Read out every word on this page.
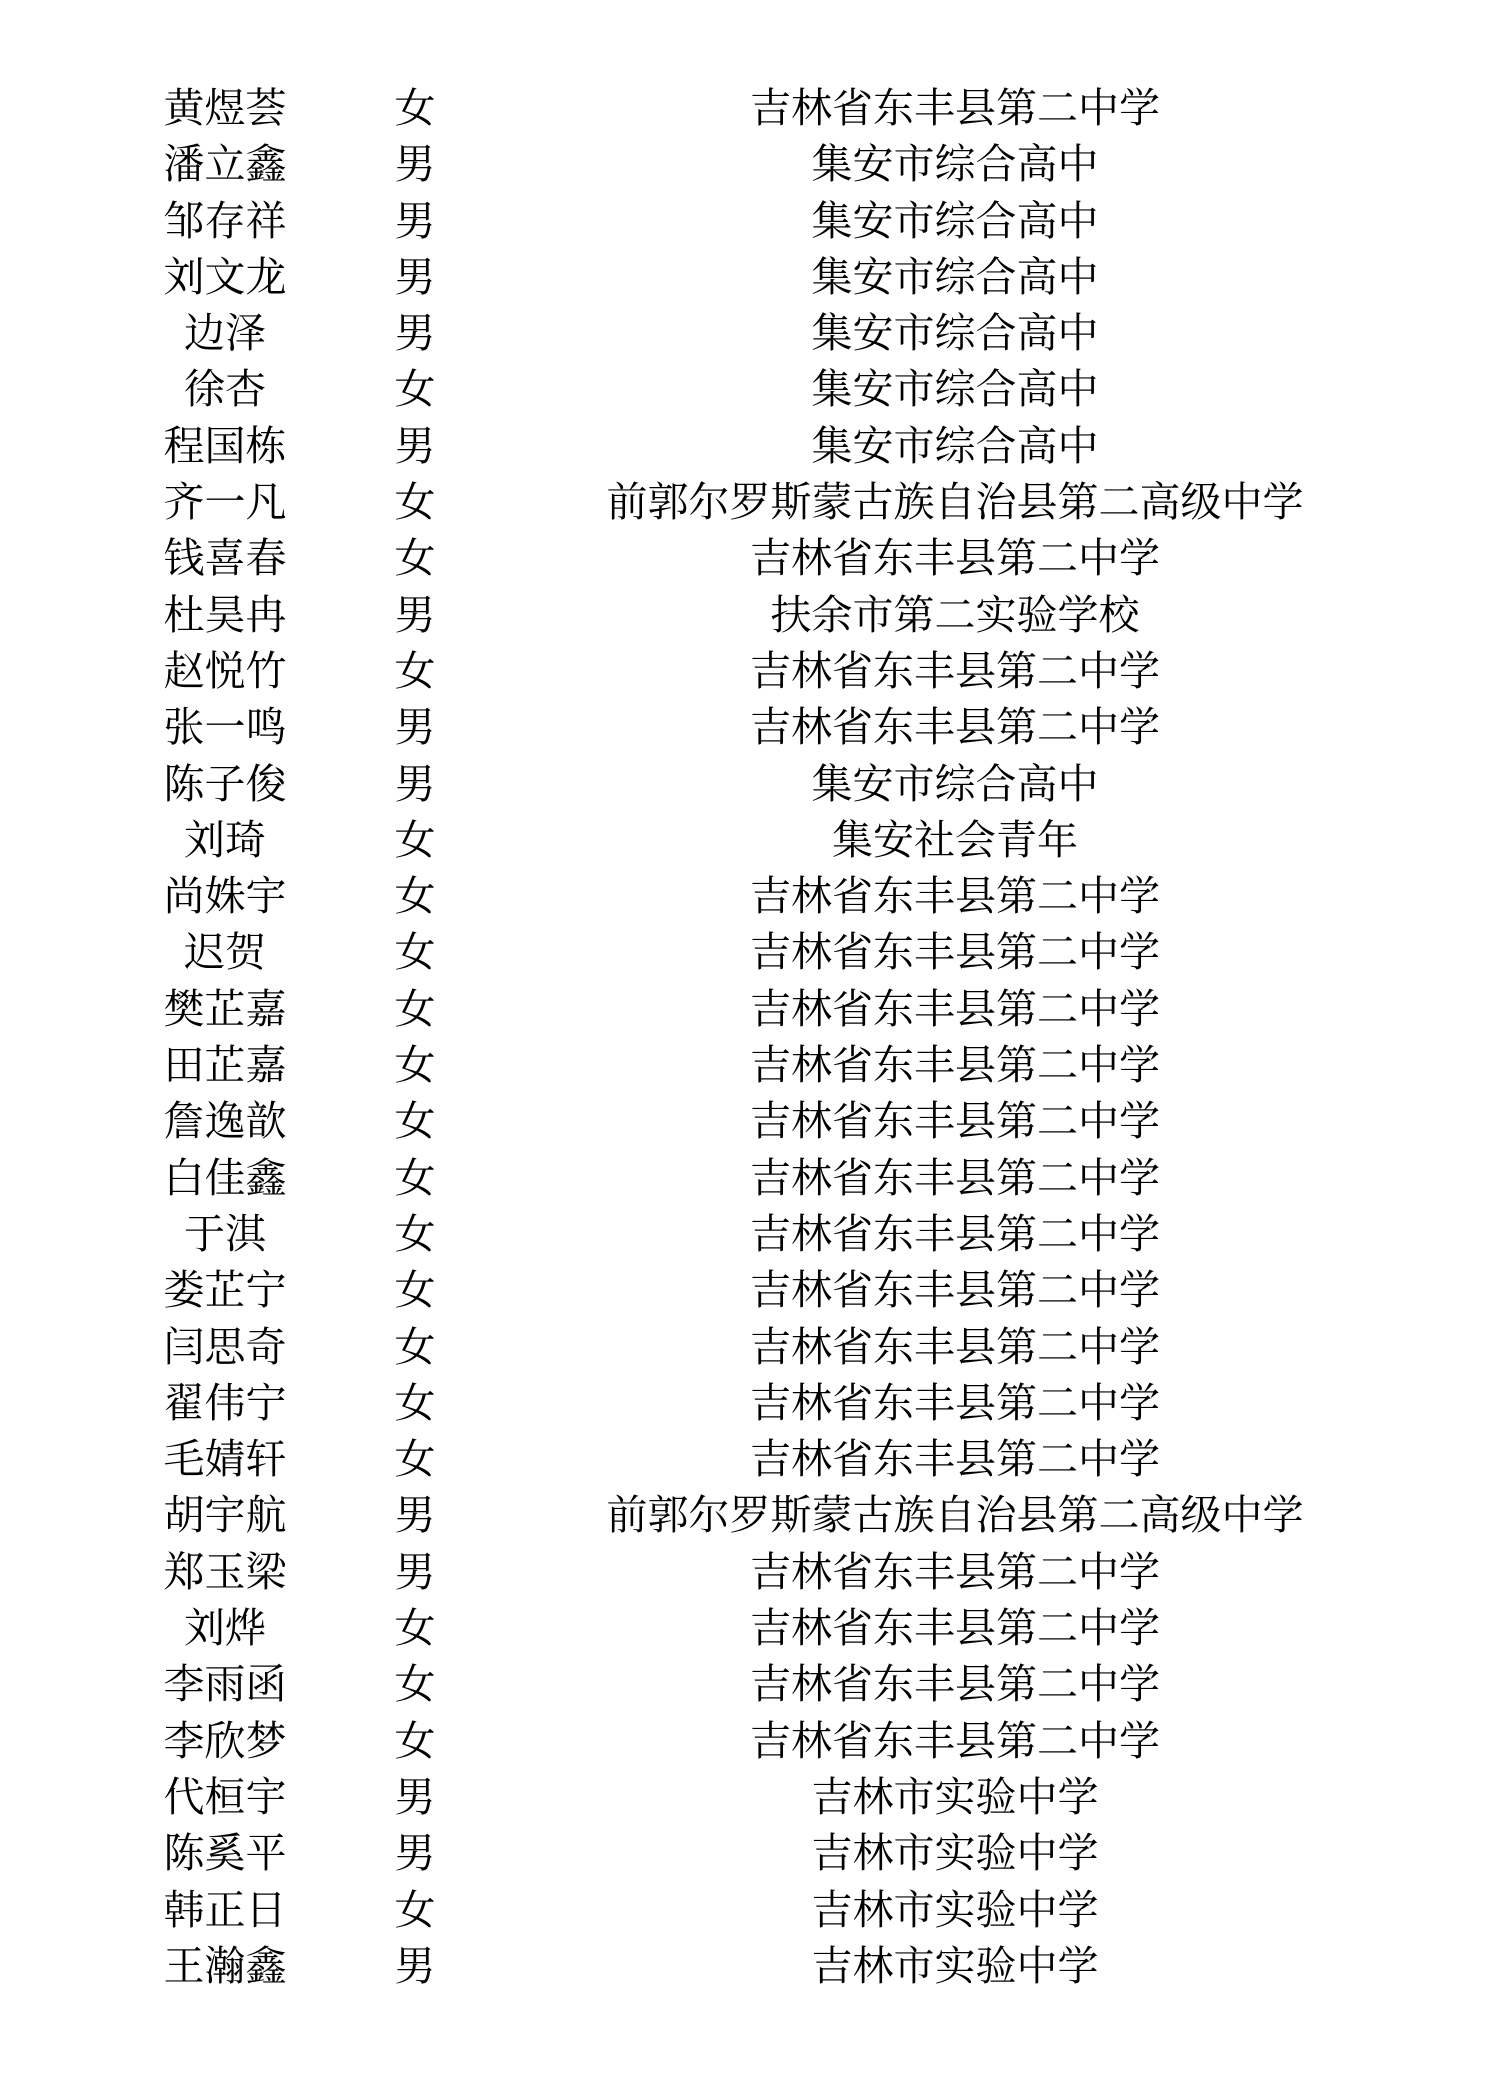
黄煜荟	女	吉林省东丰县第二中学
潘立鑫	男	集安市综合高中
邹存祥	男	集安市综合高中
刘文龙	男	集安市综合高中
边泽	男	集安市综合高中
徐杏	女	集安市综合高中
程国栋	男	集安市综合高中
齐一凡	女	前郭尔罗斯蒙古族自治县第二高级中学
钱喜春	女	吉林省东丰县第二中学
杜昊冉	男	扶余市第二实验学校
赵悦竹	女	吉林省东丰县第二中学
张一鸣	男	吉林省东丰县第二中学
陈子俊	男	集安市综合高中
刘琦	女	集安社会青年
尚姝宇	女	吉林省东丰县第二中学
迟贺	女	吉林省东丰县第二中学
樊芷嘉	女	吉林省东丰县第二中学
田芷嘉	女	吉林省东丰县第二中学
詹逸歆	女	吉林省东丰县第二中学
白佳鑫	女	吉林省东丰县第二中学
于淇	女	吉林省东丰县第二中学
娄芷宁	女	吉林省东丰县第二中学
闫思奇	女	吉林省东丰县第二中学
翟伟宁	女	吉林省东丰县第二中学
毛婧轩	女	吉林省东丰县第二中学
胡宇航	男	前郭尔罗斯蒙古族自治县第二高级中学
郑玉梁	男	吉林省东丰县第二中学
刘烨	女	吉林省东丰县第二中学
李雨函	女	吉林省东丰县第二中学
李欣梦	女	吉林省东丰县第二中学
代桓宇	男	吉林市实验中学
陈奚平	男	吉林市实验中学
韩正日	女	吉林市实验中学
王瀚鑫	男	吉林市实验中学
